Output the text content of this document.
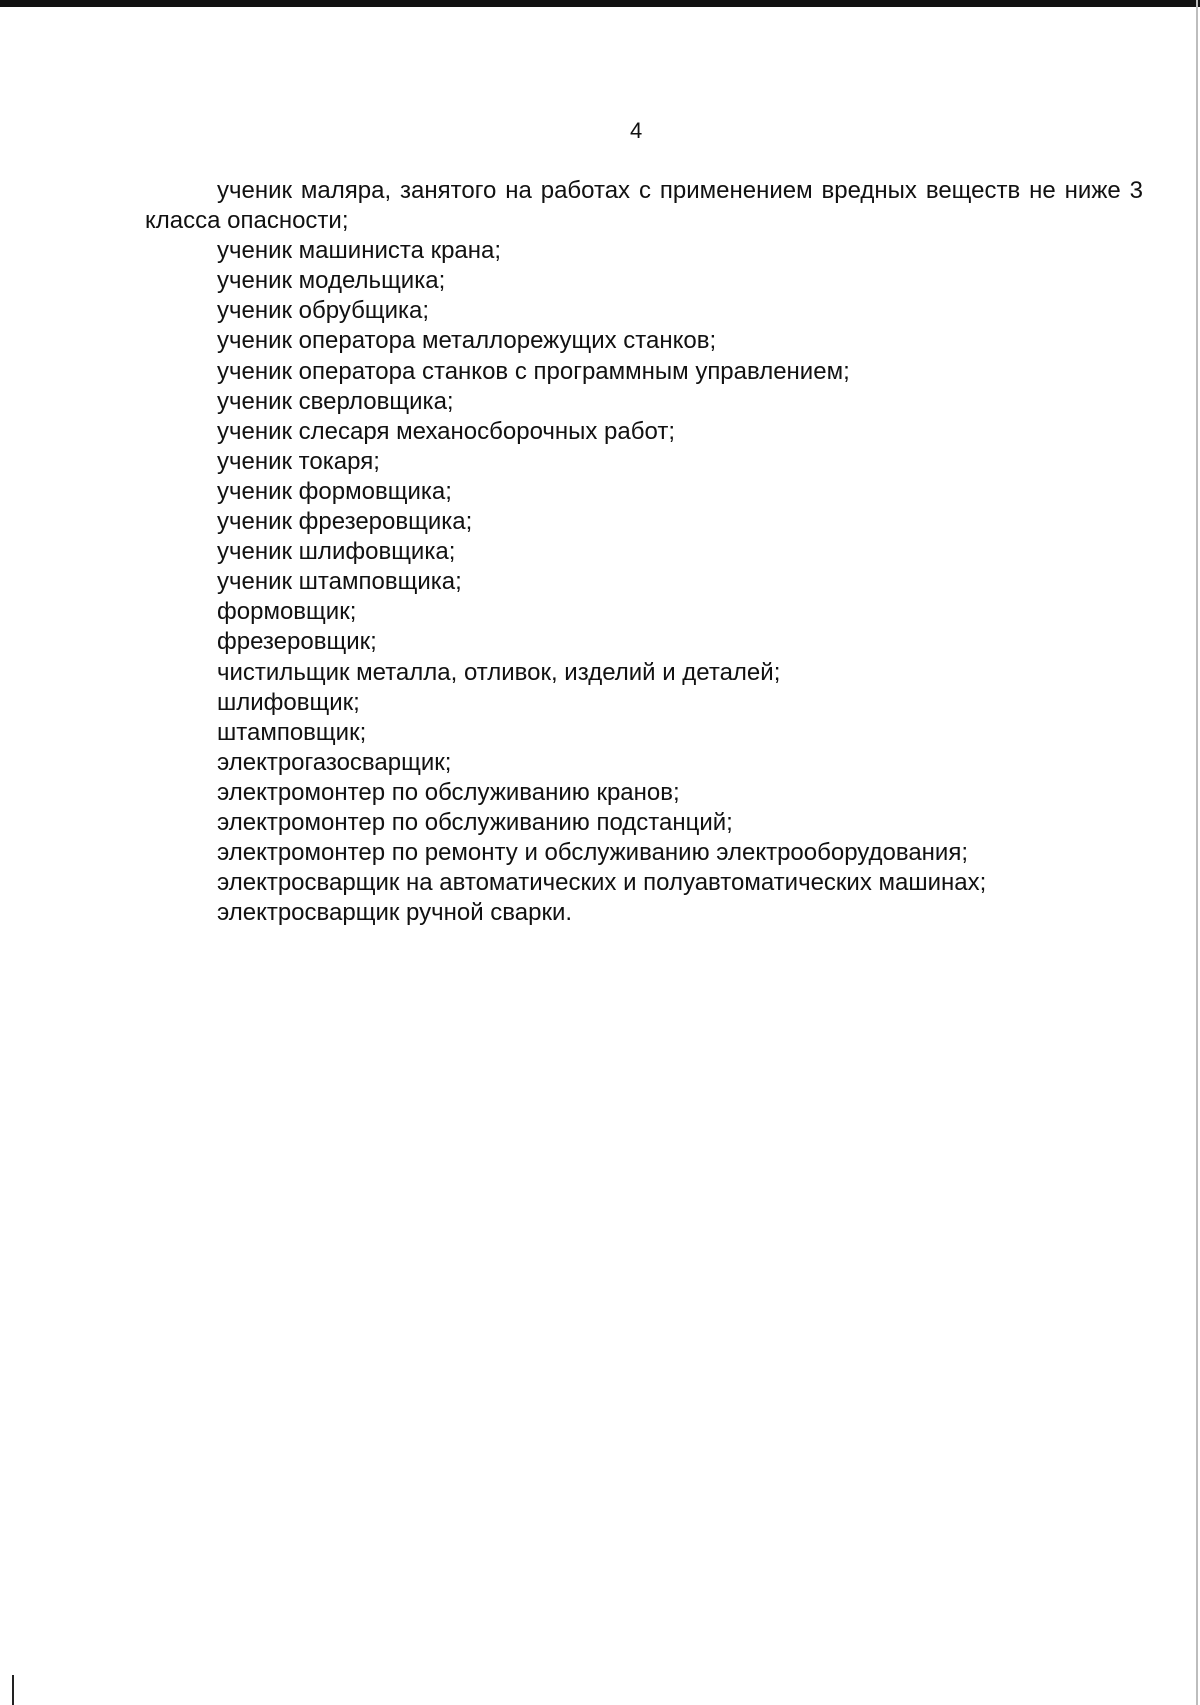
4

ученик маляра, занятого на работах с применением вредных веществ не ниже 3 класса опасности;

ученик машиниста крана;
ученик модельщика;
ученик обрубщика;
ученик оператора металлорежущих станков;
ученик оператора станков с программным управлением;
ученик сверловщика;
ученик слесаря механосборочных работ;
ученик токаря;
ученик формовщика;
ученик фрезеровщика;
ученик шлифовщика;
ученик штамповщика;
формовщик;
фрезеровщик;
чистильщик металла, отливок, изделий и деталей;
шлифовщик;
штамповщик;
электрогазосварщик;
электромонтер по обслуживанию кранов;
электромонтер по обслуживанию подстанций;
электромонтер по ремонту и обслуживанию электрооборудования;
электросварщик на автоматических и полуавтоматических машинах;
электросварщик ручной сварки.
